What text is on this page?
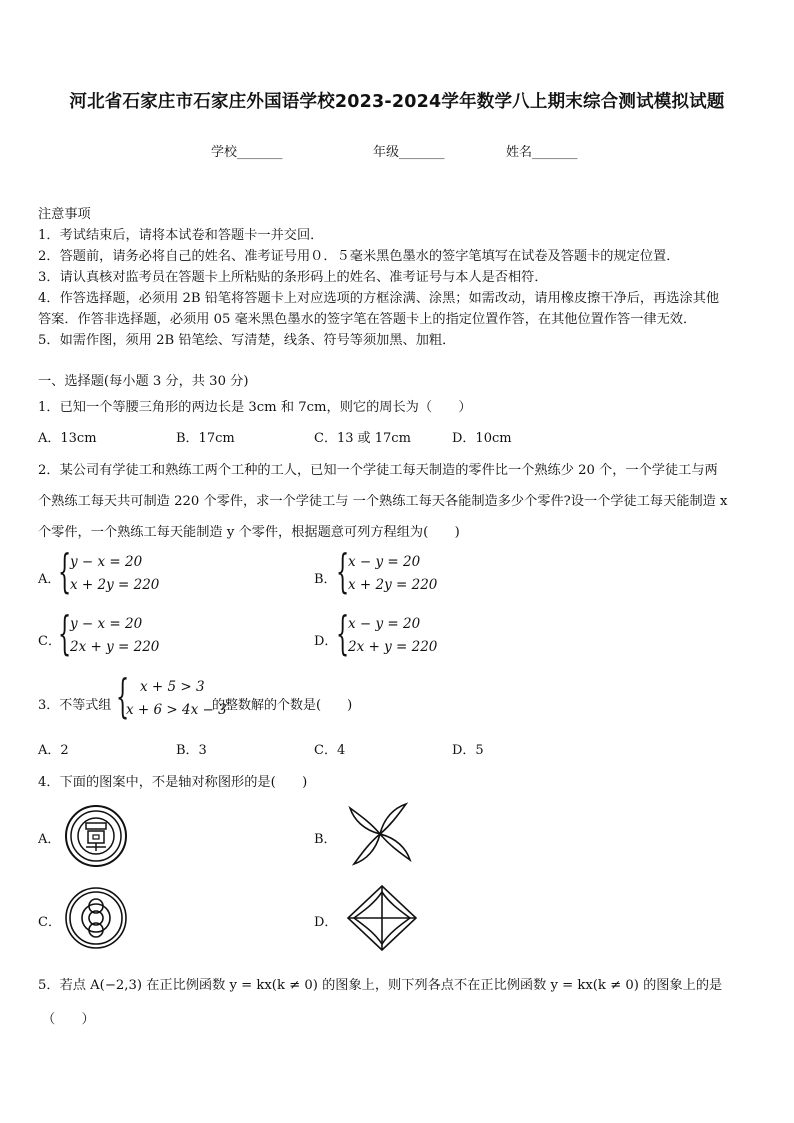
河北省石家庄市石家庄外国语学校2023-2024学年数学八上期末综合测试模拟试题
学校_______	年级_______	姓名_______
注意事项
1．考试结束后，请将本试卷和答题卡一并交回．
2．答题前，请务必将自己的姓名、准考证号用０．５毫米黑色墨水的签字笔填写在试卷及答题卡的规定位置．
3．请认真核对监考员在答题卡上所粘贴的条形码上的姓名、准考证号与本人是否相符．
4．作答选择题，必须用 2B 铅笔将答题卡上对应选项的方框涂满、涂黑；如需改动，请用橡皮擦干净后，再选涂其他
答案．作答非选择题，必须用 05 毫米黑色墨水的签字笔在答题卡上的指定位置作答，在其他位置作答一律无效．
5．如需作图，须用 2B 铅笔绘、写清楚，线条、符号等须加黑、加粗．
一、选择题(每小题 3 分，共 30 分)
1．已知一个等腰三角形的两边长是 3cm 和 7cm，则它的周长为（　　）
A．13cm	B．17cm	C．13 或 17cm	D．10cm
2．某公司有学徒工和熟练工两个工种的工人，已知一个学徒工每天制造的零件比一个熟练少 20 个，一个学徒工与两
个熟练工每天共可制造 220 个零件，求一个学徒工与 一个熟练工每天各能制造多少个零件?设一个学徒工每天能制造 x
个零件，一个熟练工每天能制造 y 个零件，根据题意可列方程组为(　　)
A．
{
y − x = 20
x + 2y = 220	B． {
x − y = 20
x + 2y = 220
C．
{
y − x = 20
2x + y = 220	D．
{
x − y = 20
2x + y = 220
3．不等式组 { x + 5 > 3
x + 6 > 4x − 3
的整数解的个数是(　　)
A．2	B．3	C．4	D．5
4．下面的图案中，不是轴对称图形的是(　　)
A．	B．
C．	D．
5．若点 A(−2,3) 在正比例函数 y = kx(k ≠ 0) 的图象上，则下列各点不在正比例函数 y = kx(k ≠ 0) 的图象上的是
（　　）
